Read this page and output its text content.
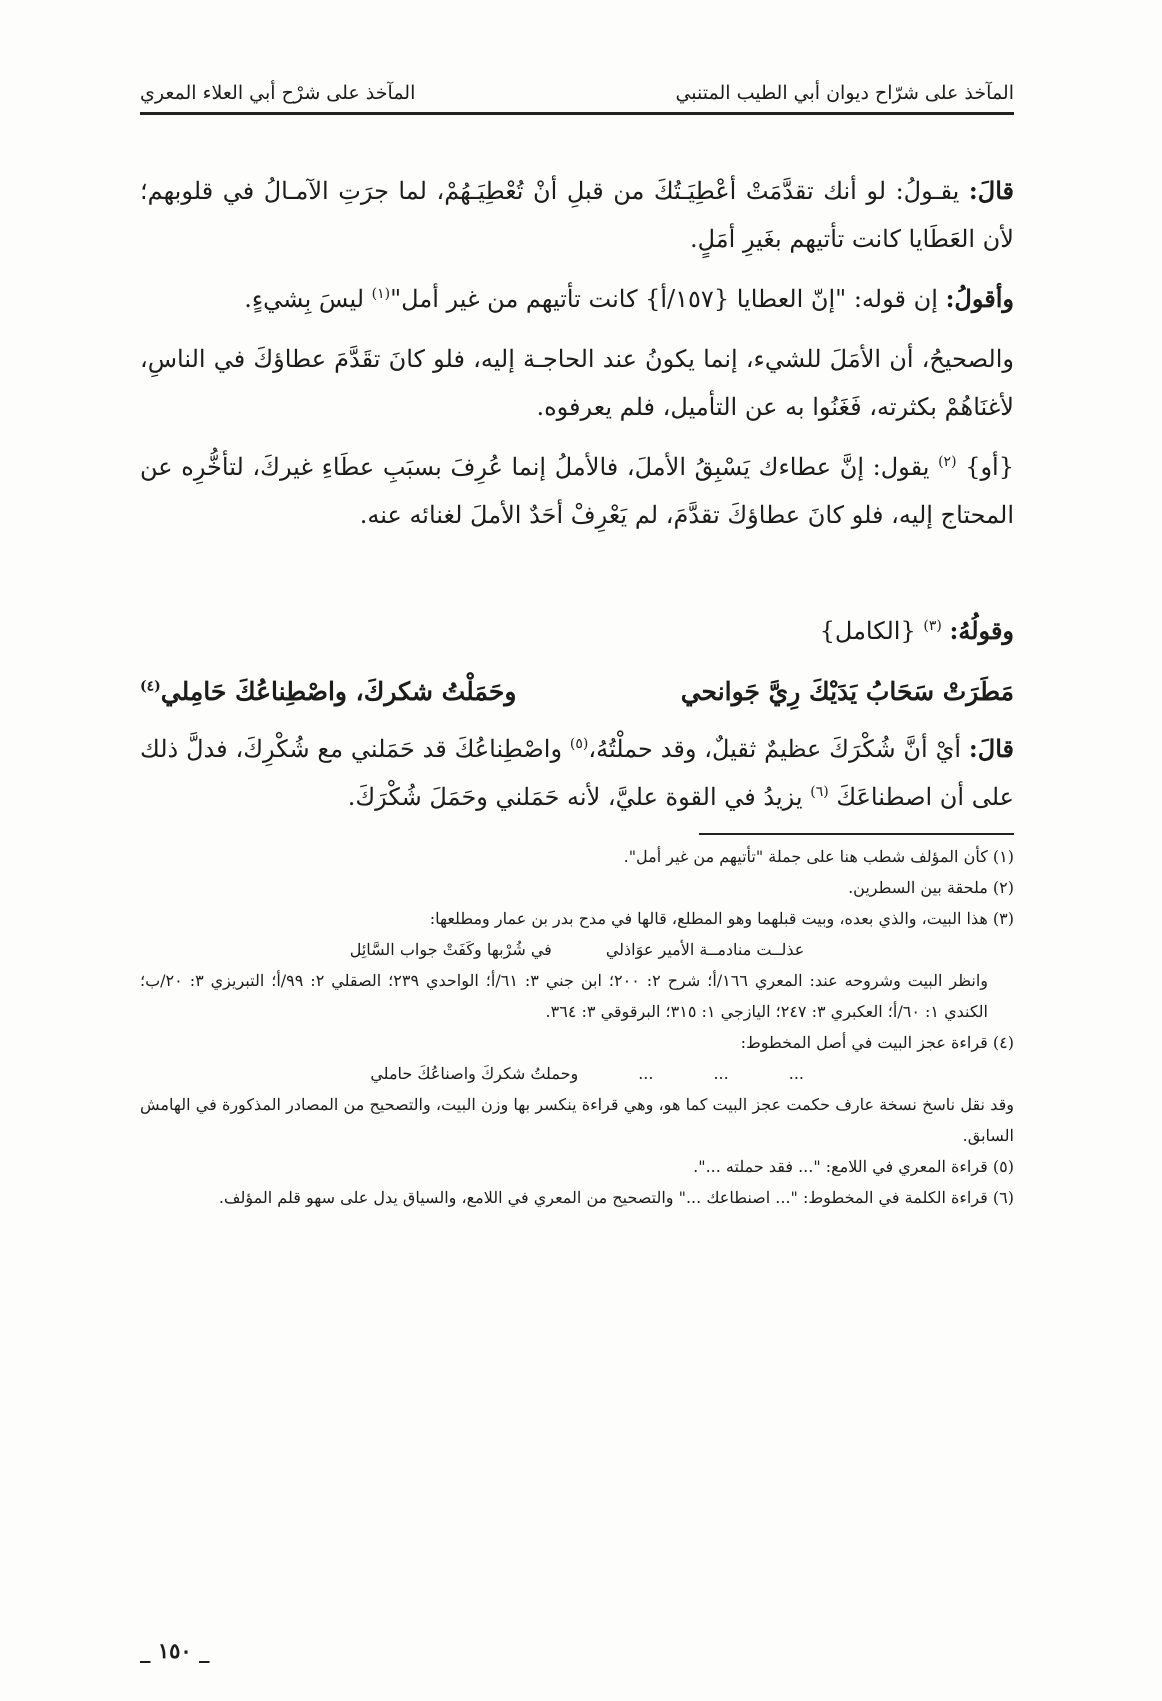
المآخذ على شرّاح ديوان أبي الطيب المتنبي
المآخذ على شرْح أبي العلاء المعري

قالَ: يقـولُ: لو أنك تقدَّمَتْ أعْطِيَـتُكَ من قبلِ أنْ تُعْطِيَـهُمْ، لما جرَتِ الآمـالُ في قلوبهم؛ لأن العَطَايا كانت تأتيهم بغَيرِ أمَلٍ.

وأقولُ: إن قوله: "إنّ العطايا {١٥٧/أ} كانت تأتيهم من غير أمل"$^{(١)}$ ليسَ بِشيءٍ.

والصحيحُ، أن الأمَلَ للشيء، إنما يكونُ عند الحاجـة إليه، فلو كانَ تقَدَّمَ عطاؤكَ في الناسِ، لأغنَاهُمْ بكثرته، فَغَنُوا به عن التأميل، فلم يعرفوه.

{أو} $^{(٢)}$ يقول: إنَّ عطاءك يَسْبِقُ الأملَ، فالأملُ إنما عُرِفَ بسبَبِ عطَاءِ غيركَ، لتأخُّرِه عن المحتاج إليه، فلو كانَ عطاؤكَ تقدَّمَ، لم يَعْرِفْ أحَدٌ الأملَ لغنائه عنه.

وقولُهُ: $^{(٣)}$ {الكامل}

مَطَرَتْ سَحَابُ يَدَيْكَ رِيَّ جَوانحي
وحَمَلْتُ شكركَ، واصْطِناعُكَ حَامِلي$^{(٤)}$

قالَ: أيْ أنَّ شُكْرَكَ عظيمٌ ثقيلٌ، وقد حملْتُهُ،$^{(٥)}$ واصْطِناعُكَ قد حَمَلني مع شُكْرِكَ، فدلَّ ذلك على أن اصطناعَكَ $^{(٦)}$ يزيدُ في القوة عليَّ، لأنه حَمَلني وحَمَلَ شُكْرَكَ.

(١) كأن المؤلف شطب هنا على جملة "تأتيهم من غير أمل".

(٢) ملحقة بين السطرين.

(٣) هذا البيت، والذي بعده، وبيت قبلهما وهو المطلع، قالها في مدح بدر بن عمار ومطلعها:

عذلــت منادمــة الأمير عوَاذلي
في شُرْبها وكَفَتْ جواب السَّائِل

وانظر البيت وشروحه عند: المعري ١٦٦/أ؛ شرح ٢: ٢٠٠؛ ابن جني ٣: ٦١/أ؛ الواحدي ٢٣٩؛ الصقلي ٢: ٩٩/أ؛ التبريزي ٣: ٢٠/ب؛ الكندي ١: ٦٠/أ؛ العكبري ٣: ٢٤٧؛ اليازجي ١: ٣١٥؛ البرقوقي ٣: ٣٦٤.

(٤) قراءة عجز البيت في أصل المخطوط:

...
...
...
وحملتُ شكركَ واصناعُكَ حاملي

وقد نقل ناسخ نسخة عارف حكمت عجز البيت كما هو، وهي قراءة ينكسر بها وزن البيت، والتصحيح من المصادر المذكورة في الهامش السابق.

(٥) قراءة المعري في اللامع: "... فقد حملته ...".

(٦) قراءة الكلمة في المخطوط: "... اصنطاعك ..." والتصحيح من المعري في اللامع، والسياق يدل على سهو قلم المؤلف.

_ ١٥٠ _
